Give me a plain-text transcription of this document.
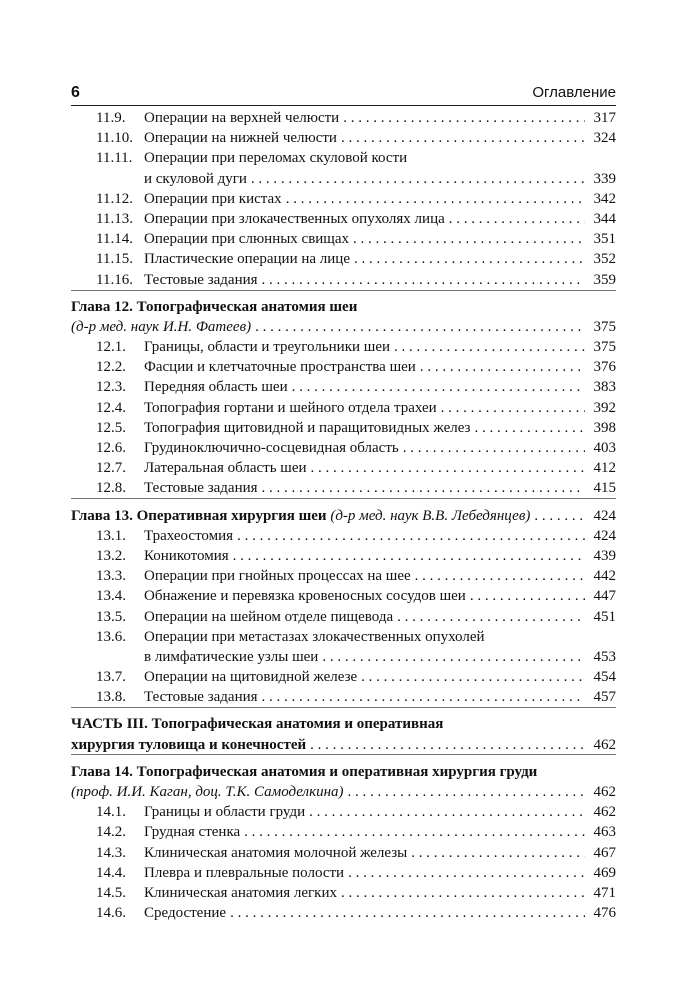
6	Оглавление
11.9.	Операции на верхней челюсти . . .	317
11.10. Операции на нижней челюсти . . .	324
11.11. Операции при переломах скуловой кости
и скуловой дуги . . .	339
11.12. Операции при кистах . . .	342
11.13. Операции при злокачественных опухолях лица . . .	344
11.14. Операции при слюнных свищах . . .	351
11.15. Пластические операции на лице . . .	352
11.16. Тестовые задания . . .	359
Глава 12. Топографическая анатомия шеи
(д-р мед. наук И.Н. Фатеев) . . .	375
12.1.	Границы, области и треугольники шеи . . .	375
12.2.	Фасции и клетчаточные пространства шеи . . .	376
12.3.	Передняя область шеи . . .	383
12.4.	Топография гортани и шейного отдела трахеи . . .	392
12.5.	Топография щитовидной и паращитовидных желез . . .	398
12.6.	Грудиноключично-сосцевидная область . . .	403
12.7.	Латеральная область шеи . . .	412
12.8.	Тестовые задания . . .	415
Глава 13. Оперативная хирургия шеи
(д-р мед. наук В.В. Лебедянцев) . . .	424
13.1.	Трахеостомия . . .	424
13.2.	Коникотомия . . .	439
13.3.	Операции при гнойных процессах на шее . . .	442
13.4.	Обнажение и перевязка кровеносных сосудов шеи . . .	447
13.5.	Операции на шейном отделе пищевода . . .	451
13.6.	Операции при метастазах злокачественных опухолей
в лимфатические узлы шеи . . .	453
13.7.	Операции на щитовидной железе . . .	454
13.8.	Тестовые задания . . .	457
ЧАСТЬ III. Топографическая анатомия и оперативная
хирургия туловища и конечностей . . .	462
Глава 14. Топографическая анатомия и оперативная хирургия груди
(проф. И.И. Каган, доц. Т.К. Самоделкина) . . .	462
14.1.	Границы и области груди . . .	462
14.2.	Грудная стенка . . .	463
14.3.	Клиническая анатомия молочной железы . . .	467
14.4.	Плевра и плевральные полости . . .	469
14.5.	Клиническая анатомия легких . . .	471
14.6.	Средостение . . .	476
